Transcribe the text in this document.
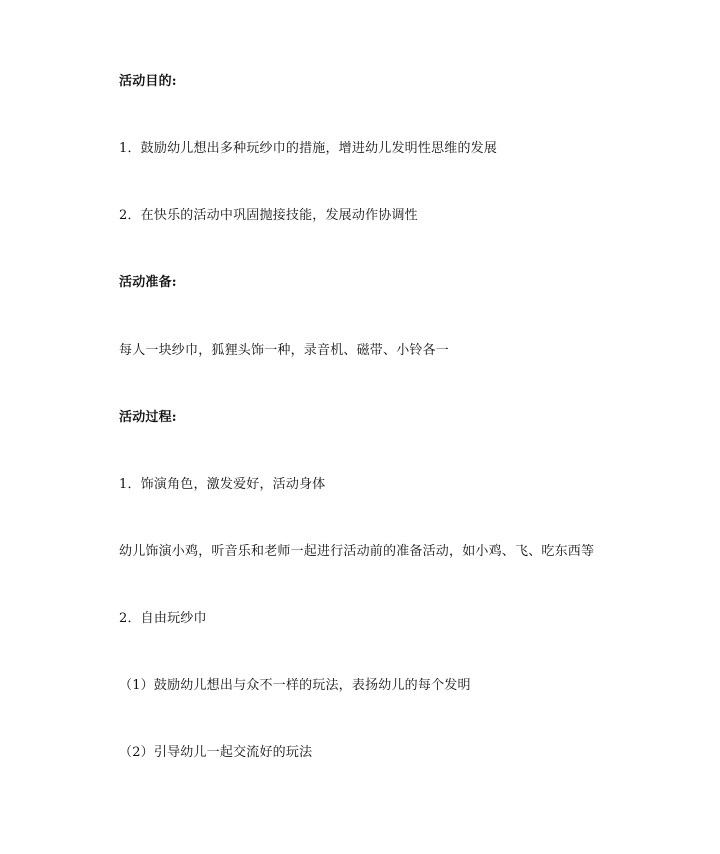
活动目的:
1．鼓励幼儿想出多种玩纱巾的措施，增进幼儿发明性思维的发展
2．在快乐的活动中巩固抛接技能，发展动作协调性
活动准备:
每人一块纱巾，狐狸头饰一种，录音机、磁带、小铃各一
活动过程:
1．饰演角色，激发爱好，活动身体
幼儿饰演小鸡，听音乐和老师一起进行活动前的准备活动，如小鸡、飞、吃东西等
2．自由玩纱巾
（1）鼓励幼儿想出与众不一样的玩法，表扬幼儿的每个发明
（2）引导幼儿一起交流好的玩法
